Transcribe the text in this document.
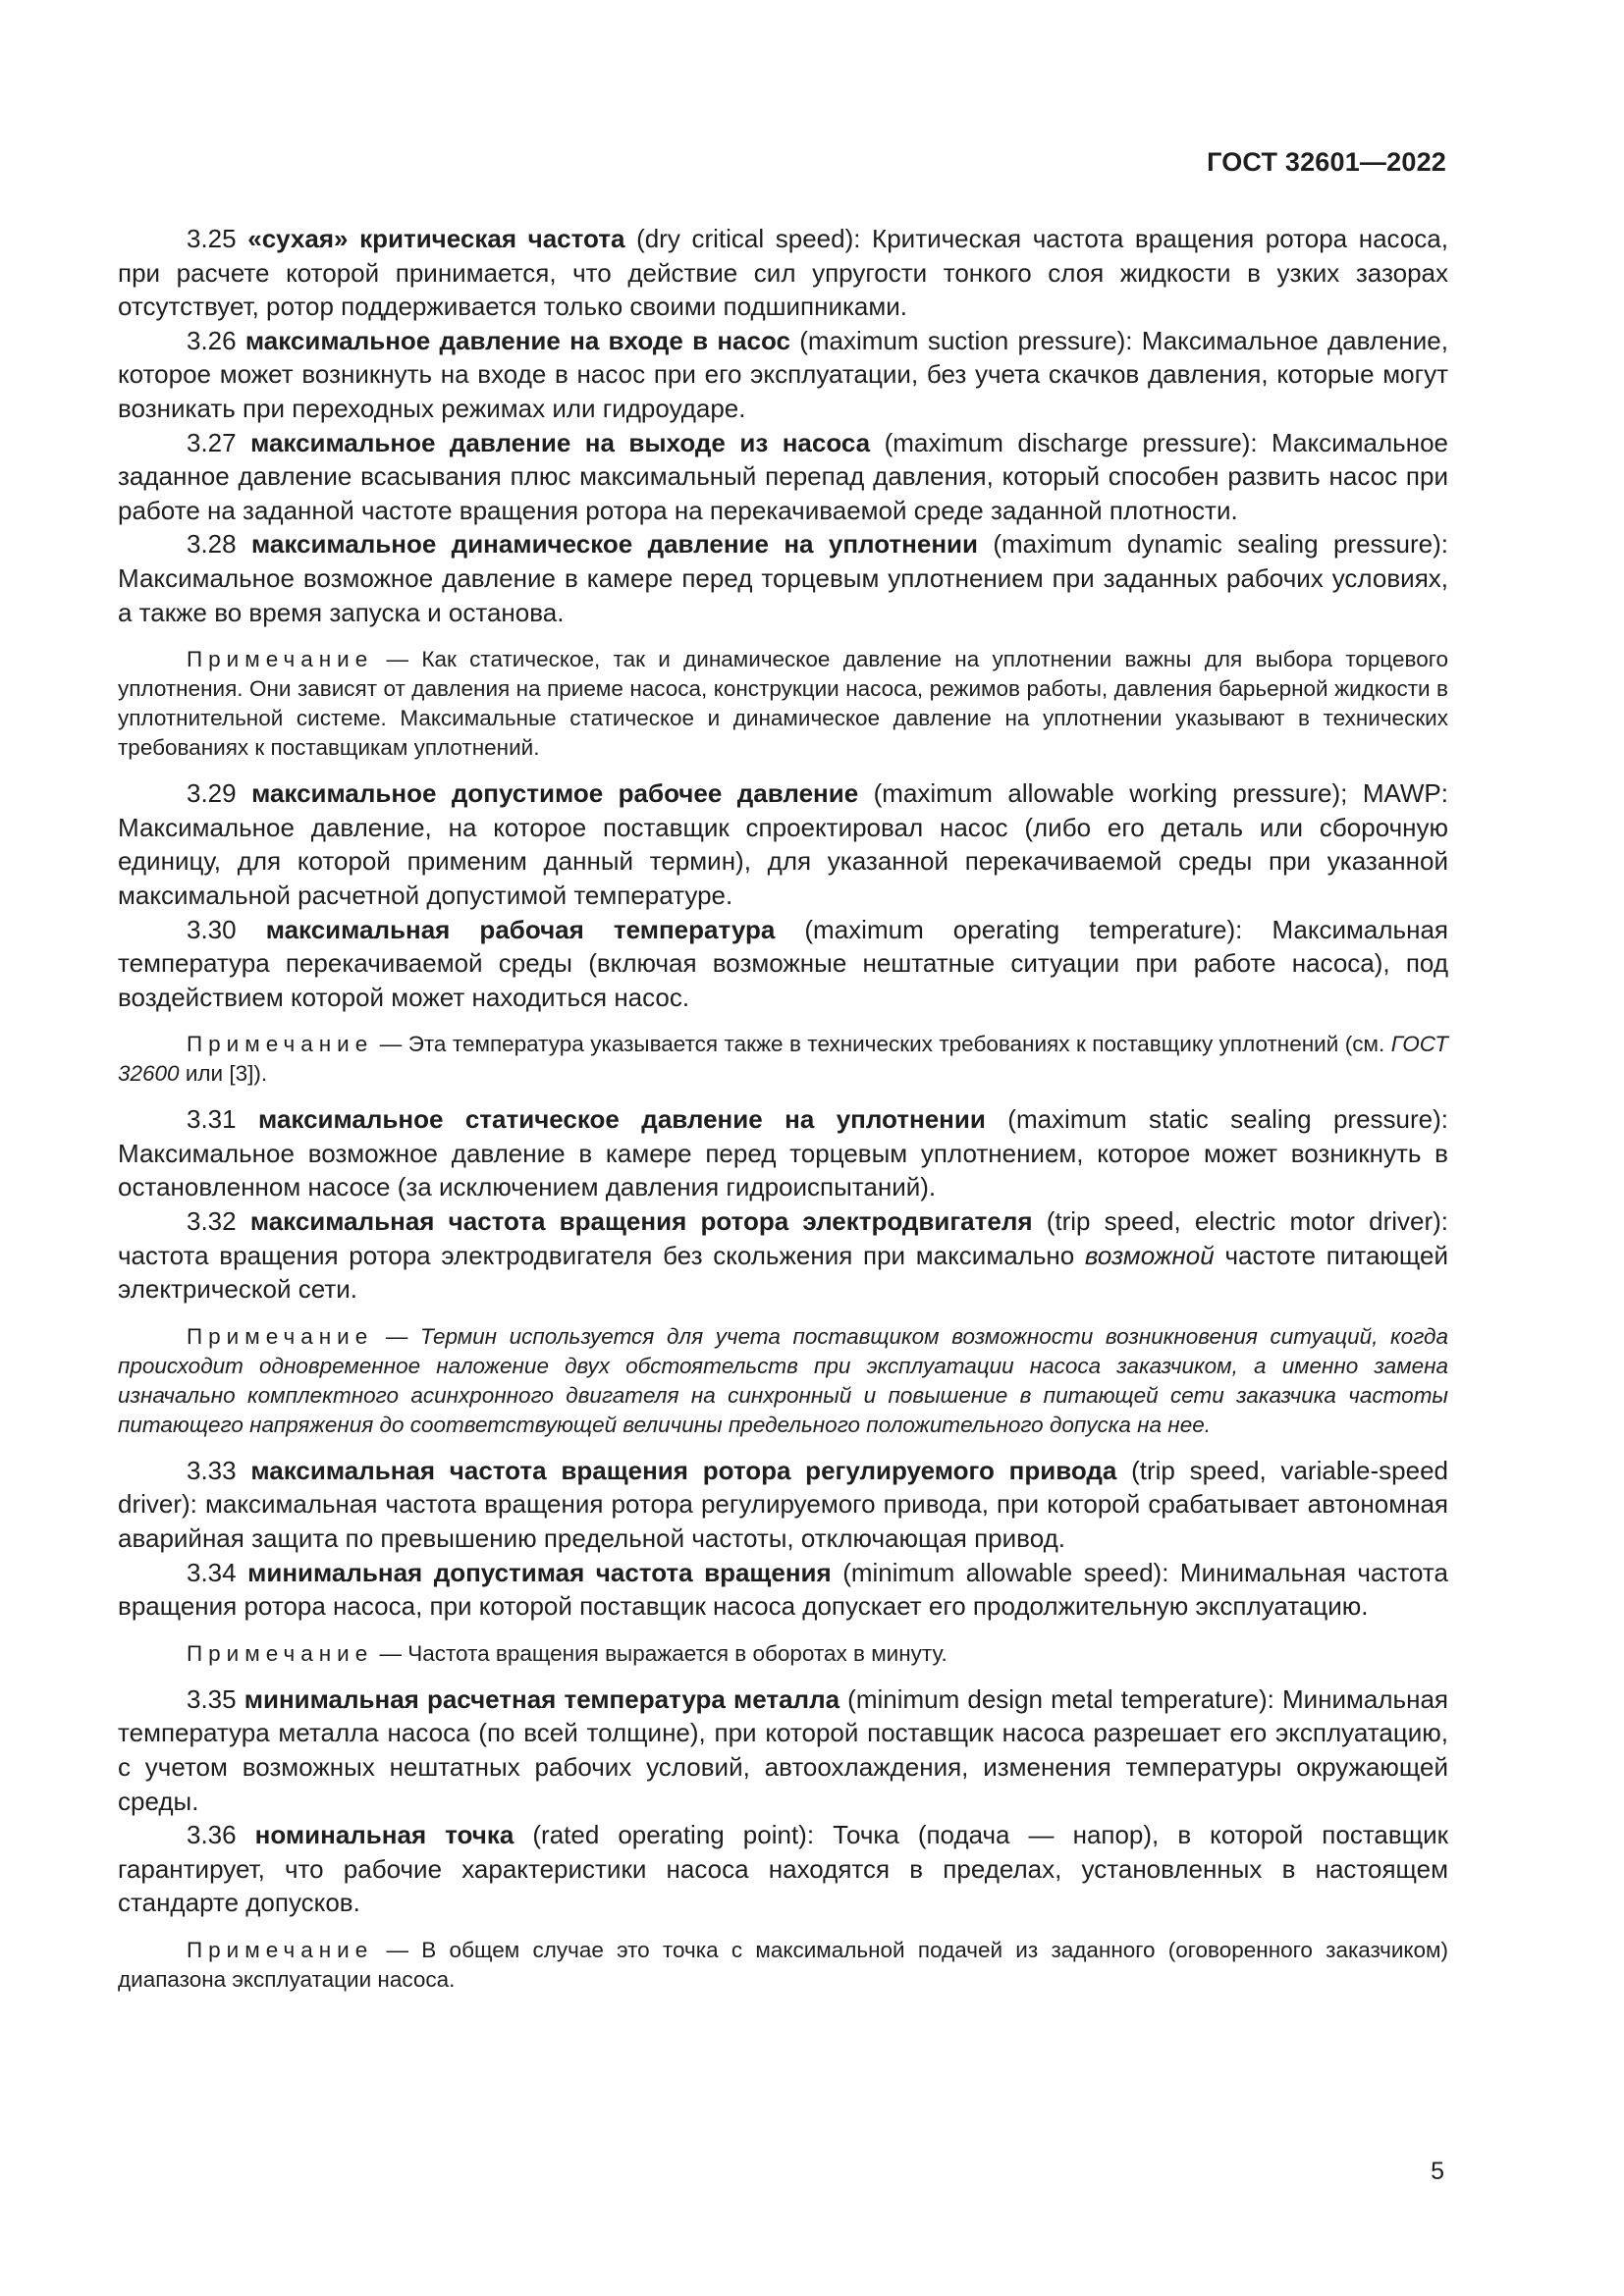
ГОСТ 32601—2022

3.25 «сухая» критическая частота (dry critical speed): Критическая частота вращения ротора насоса, при расчете которой принимается, что действие сил упругости тонкого слоя жидкости в узких зазорах отсутствует, ротор поддерживается только своими подшипниками.

3.26 максимальное давление на входе в насос (maximum suction pressure): Максимальное давление, которое может возникнуть на входе в насос при его эксплуатации, без учета скачков давления, которые могут возникать при переходных режимах или гидроударе.

3.27 максимальное давление на выходе из насоса (maximum discharge pressure): Максимальное заданное давление всасывания плюс максимальный перепад давления, который способен развить насос при работе на заданной частоте вращения ротора на перекачиваемой среде заданной плотности.

3.28 максимальное динамическое давление на уплотнении (maximum dynamic sealing pressure): Максимальное возможное давление в камере перед торцевым уплотнением при заданных рабочих условиях, а также во время запуска и останова.

Примечание — Как статическое, так и динамическое давление на уплотнении важны для выбора торцевого уплотнения. Они зависят от давления на приеме насоса, конструкции насоса, режимов работы, давления барьерной жидкости в уплотнительной системе. Максимальные статическое и динамическое давление на уплотнении указывают в технических требованиях к поставщикам уплотнений.

3.29 максимальное допустимое рабочее давление (maximum allowable working pressure); MAWP: Максимальное давление, на которое поставщик спроектировал насос (либо его деталь или сборочную единицу, для которой применим данный термин), для указанной перекачиваемой среды при указанной максимальной расчетной допустимой температуре.

3.30 максимальная рабочая температура (maximum operating temperature): Максимальная температура перекачиваемой среды (включая возможные нештатные ситуации при работе насоса), под воздействием которой может находиться насос.

Примечание — Эта температура указывается также в технических требованиях к поставщику уплотнений (см. ГОСТ 32600 или [3]).

3.31 максимальное статическое давление на уплотнении (maximum static sealing pressure): Максимальное возможное давление в камере перед торцевым уплотнением, которое может возникнуть в остановленном насосе (за исключением давления гидроиспытаний).

3.32 максимальная частота вращения ротора электродвигателя (trip speed, electric motor driver): частота вращения ротора электродвигателя без скольжения при максимально возможной частоте питающей электрической сети.

Примечание — Термин используется для учета поставщиком возможности возникновения ситуаций, когда происходит одновременное наложение двух обстоятельств при эксплуатации насоса заказчиком, а именно замена изначально комплектного асинхронного двигателя на синхронный и повышение в питающей сети заказчика частоты питающего напряжения до соответствующей величины предельного положительного допуска на нее.

3.33 максимальная частота вращения ротора регулируемого привода (trip speed, variable-speed driver): максимальная частота вращения ротора регулируемого привода, при которой срабатывает автономная аварийная защита по превышению предельной частоты, отключающая привод.

3.34 минимальная допустимая частота вращения (minimum allowable speed): Минимальная частота вращения ротора насоса, при которой поставщик насоса допускает его продолжительную эксплуатацию.

Примечание — Частота вращения выражается в оборотах в минуту.

3.35 минимальная расчетная температура металла (minimum design metal temperature): Минимальная температура металла насоса (по всей толщине), при которой поставщик насоса разрешает его эксплуатацию, с учетом возможных нештатных рабочих условий, автоохлаждения, изменения температуры окружающей среды.

3.36 номинальная точка (rated operating point): Точка (подача — напор), в которой поставщик гарантирует, что рабочие характеристики насоса находятся в пределах, установленных в настоящем стандарте допусков.

Примечание — В общем случае это точка с максимальной подачей из заданного (оговоренного заказчиком) диапазона эксплуатации насоса.

5
